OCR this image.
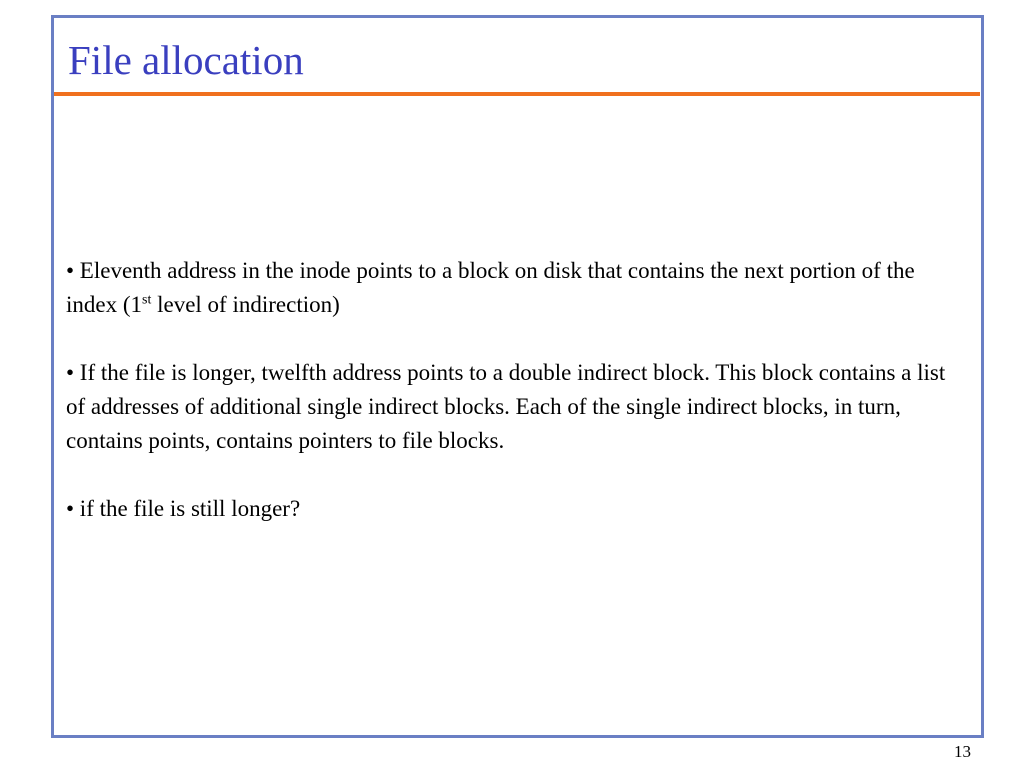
File allocation

• Eleventh address in the inode points to a block on disk that contains the next portion of the index (1st level of indirection)

• If the file is longer, twelfth address points to a double indirect block. This block contains a list of addresses of additional single indirect blocks. Each of the single indirect blocks, in turn, contains points, contains pointers to file blocks.

• if the file is still longer?

13
